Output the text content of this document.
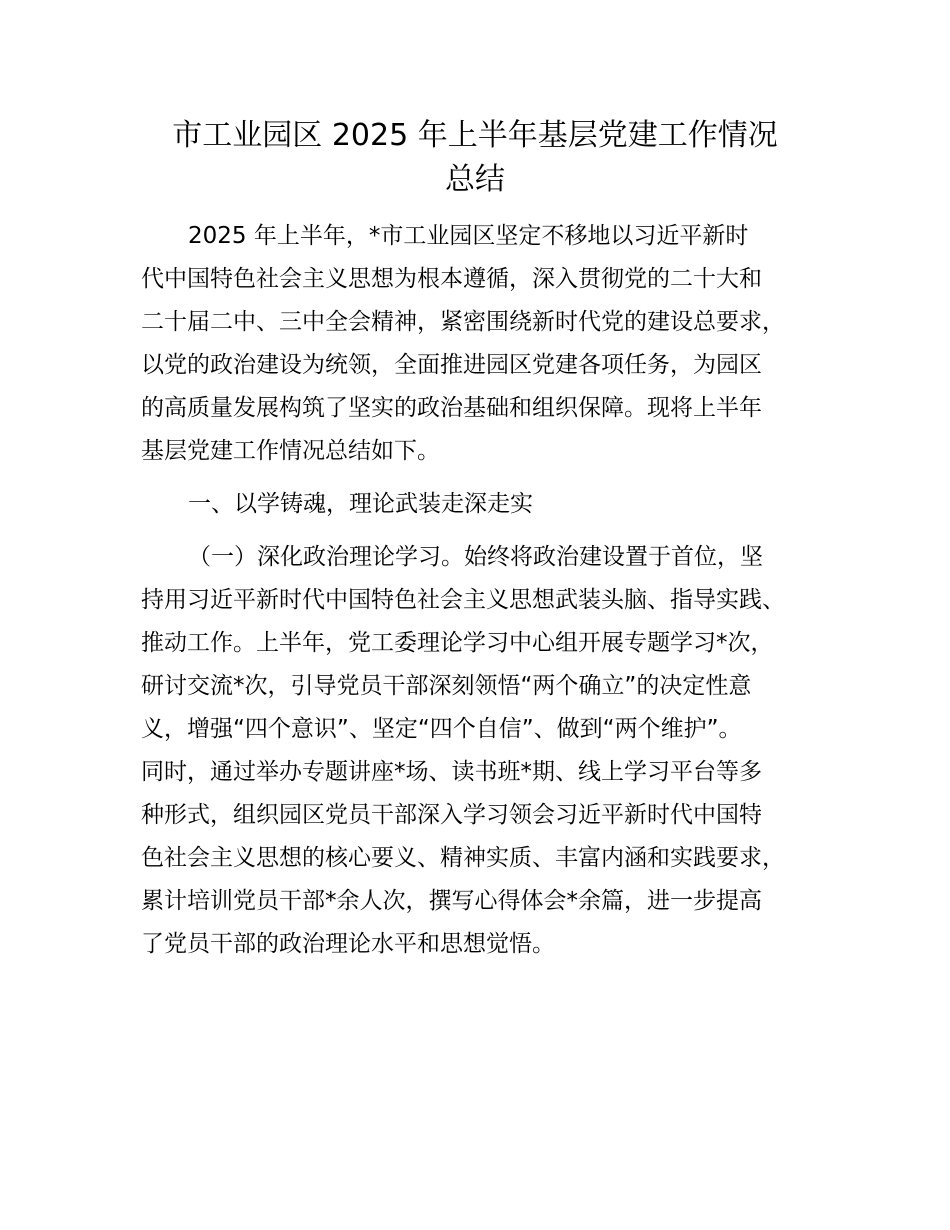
市工业园区 2025 年上半年基层党建工作情况
总结
2025 年上半年，*市工业园区坚定不移地以习近平新时
代中国特色社会主义思想为根本遵循，深入贯彻党的二十大和
二十届二中、三中全会精神，紧密围绕新时代党的建设总要求，
以党的政治建设为统领，全面推进园区党建各项任务，为园区
的高质量发展构筑了坚实的政治基础和组织保障。现将上半年
基层党建工作情况总结如下。
一、以学铸魂，理论武装走深走实
（一）深化政治理论学习。始终将政治建设置于首位，坚
持用习近平新时代中国特色社会主义思想武装头脑、指导实践、
推动工作。上半年，党工委理论学习中心组开展专题学习*次，
研讨交流*次，引导党员干部深刻领悟“两个确立”的决定性意
义，增强“四个意识”、坚定“四个自信”、做到“两个维护”。
同时，通过举办专题讲座*场、读书班*期、线上学习平台等多
种形式，组织园区党员干部深入学习领会习近平新时代中国特
色社会主义思想的核心要义、精神实质、丰富内涵和实践要求，
累计培训党员干部*余人次，撰写心得体会*余篇，进一步提高
了党员干部的政治理论水平和思想觉悟。
